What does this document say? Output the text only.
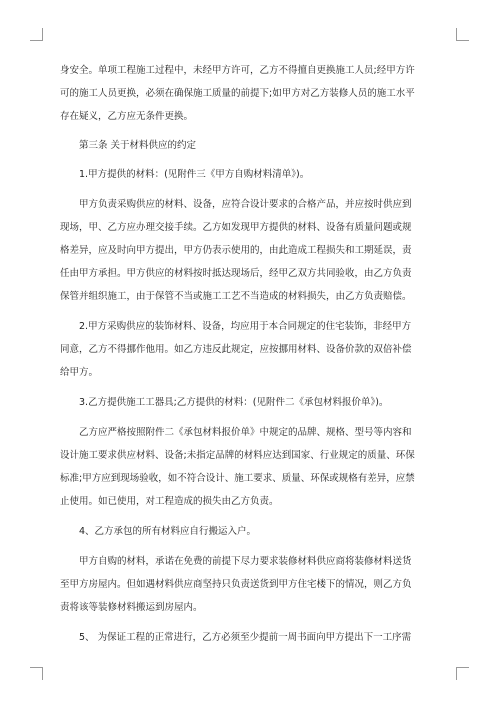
身安全。单项工程施工过程中，未经甲方许可，乙方不得擅自更换施工人员;经甲方许
可的施工人员更换，必须在确保施工质量的前提下;如甲方对乙方装修人员的施工水平
存在疑义，乙方应无条件更换。
第三条 关于材料供应的约定
1.甲方提供的材料：(见附件三《甲方自购材料清单》)。
甲方负责采购供应的材料、设备，应符合设计要求的合格产品，并应按时供应到
现场，甲、乙方应办理交接手续。乙方如发现甲方提供的材料、设备有质量问题或规
格差异，应及时向甲方提出，甲方仍表示使用的，由此造成工程损失和工期延误，责
任由甲方承担。甲方供应的材料按时抵达现场后，经甲乙双方共同验收，由乙方负责
保管并组织施工，由于保管不当或施工工艺不当造成的材料损失，由乙方负责赔偿。
2.甲方采购供应的装饰材料、设备，均应用于本合同规定的住宅装饰，非经甲方
同意，乙方不得挪作他用。如乙方违反此规定，应按挪用材料、设备价款的双倍补偿
给甲方。
3.乙方提供施工工器具;乙方提供的材料：(见附件二《承包材料报价单》)。
乙方应严格按照附件二《承包材料报价单》中规定的品牌、规格、型号等内容和
设计施工要求供应材料、设备;未指定品牌的材料应达到国家、行业规定的质量、环保
标准;甲方应到现场验收，如不符合设计、施工要求、质量、环保或规格有差异，应禁
止使用。如已使用，对工程造成的损失由乙方负责。
4、乙方承包的所有材料应自行搬运入户。
甲方自购的材料，承诺在免费的前提下尽力要求装修材料供应商将装修材料送货
至甲方房屋内。但如遇材料供应商坚持只负责送货到甲方住宅楼下的情况，则乙方负
责将该等装修材料搬运到房屋内。
5、 为保证工程的正常进行，乙方必须至少提前一周书面向甲方提出下一工序需
